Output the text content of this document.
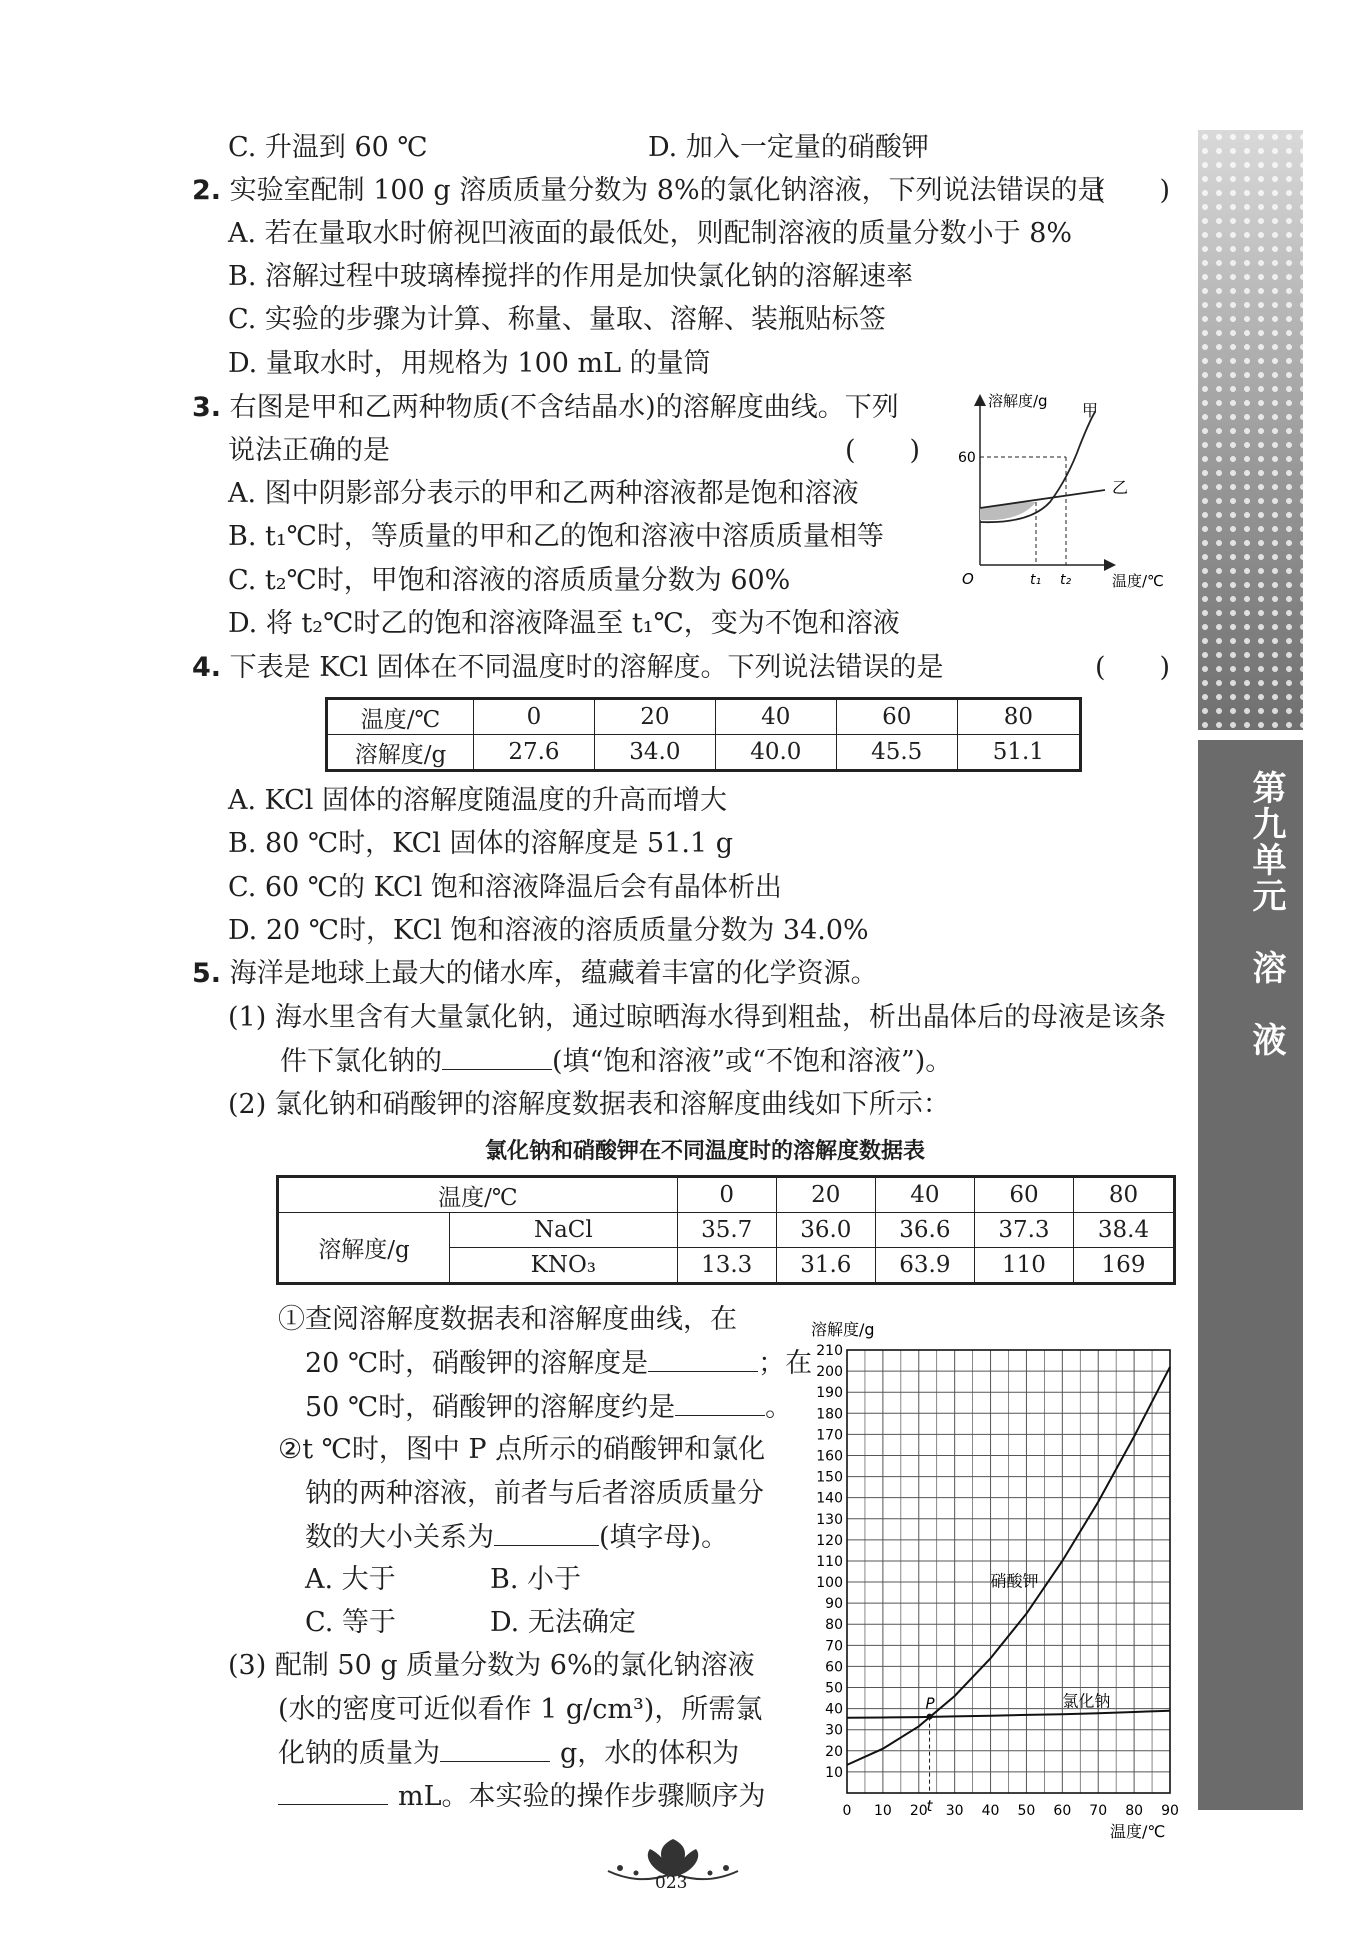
C. 升温到 60 ℃	D. 加入一定量的硝酸钾
2. 实验室配制 100 g 溶质质量分数为 8%的氯化钠溶液，下列说法错误的是
(　　)
A. 若在量取水时俯视凹液面的最低处，则配制溶液的质量分数小于 8%
B. 溶解过程中玻璃棒搅拌的作用是加快氯化钠的溶解速率
C. 实验的步骤为计算、称量、量取、溶解、装瓶贴标签
D. 量取水时，用规格为 100 mL 的量筒
3. 右图是甲和乙两种物质(不含结晶水)的溶解度曲线。下列
说法正确的是	(　　)
A. 图中阴影部分表示的甲和乙两种溶液都是饱和溶液
B. t₁℃时，等质量的甲和乙的饱和溶液中溶质质量相等
C. t₂℃时，甲饱和溶液的溶质质量分数为 60%
D. 将 t₂℃时乙的饱和溶液降温至 t₁℃，变为不饱和溶液
溶解度/g 甲
乙
60
O	t₁ t₂	温度/℃
4. 下表是 KCl 固体在不同温度时的溶解度。下列说法错误的是	(　　)
温度/℃	0	20	40	60	80
溶解度/g	27.6	34.0	40.0	45.5	51.1
A. KCl 固体的溶解度随温度的升高而增大
B. 80 ℃时，KCl 固体的溶解度是 51.1 g
C. 60 ℃的 KCl 饱和溶液降温后会有晶体析出
D. 20 ℃时，KCl 饱和溶液的溶质质量分数为 34.0%
5. 海洋是地球上最大的储水库，蕴藏着丰富的化学资源。
(1) 海水里含有大量氯化钠，通过晾晒海水得到粗盐，析出晶体后的母液是该条
件下氯化钠的	(填“饱和溶液”或“不饱和溶液”)。
(2) 氯化钠和硝酸钾的溶解度数据表和溶解度曲线如下所示：
氯化钠和硝酸钾在不同温度时的溶解度数据表
温度/℃		0	20	40	60	80
溶解度/g	NaCl	35.7	36.0	36.6	37.3	38.4
	KNO₃	13.3	31.6	63.9	110	169
①查阅溶解度数据表和溶解度曲线，在
20 ℃时，硝酸钾的溶解度是	；在
50 ℃时，硝酸钾的溶解度约是	。
②t ℃时，图中 P 点所示的硝酸钾和氯化
钠的两种溶液，前者与后者溶质质量分
数的大小关系为	(填字母)。
A. 大于	B. 小于
C. 等于	D. 无法确定
(3) 配制 50 g 质量分数为 6%的氯化钠溶液
(水的密度可近似看作 1 g/cm³)，所需氯
化钠的质量为	g，水的体积为
mL。本实验的操作步骤顺序为
10
20
30
40
50
60
70
80
90
100
110
120
130
140
150
160
170
180
190
200
210
0 10 20 30 40 50 60 70 80 90
P
t
硝酸钾
氯化钠
溶解度/g
温度/℃
023
第九单元　溶　液
